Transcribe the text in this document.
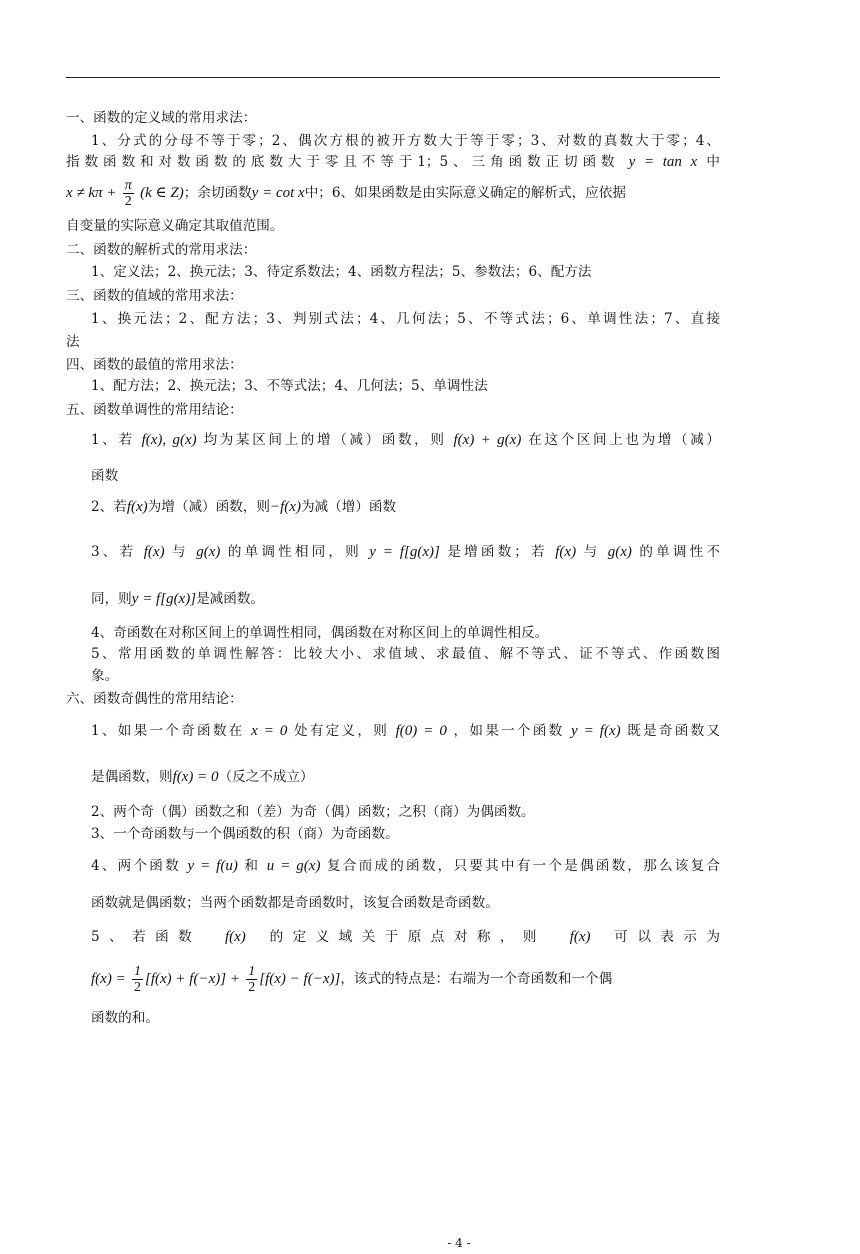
一、函数的定义域的常用求法：
1、分式的分母不等于零；2、偶次方根的被开方数大于等于零；3、对数的真数大于零；4、
指数函数和对数函数的底数大于零且不等于1；5、三角函数正切函数 y = tan x 中
$x \ne k\pi + \frac{\pi}{2} (k$ ∈ Z)；余切函数y = cot x中；6、如果函数是由实际意义确定的解析式，应依据
自变量的实际意义确定其取值范围。
二、函数的解析式的常用求法：
1、定义法；2、换元法；3、待定系数法；4、函数方程法；5、参数法；6、配方法
三、函数的值域的常用求法：
1、换元法；2、配方法；3、判别式法；4、几何法；5、不等式法；6、单调性法；7、直接
法
四、函数的最值的常用求法：
1、配方法；2、换元法；3、不等式法；4、几何法；5、单调性法
五、函数单调性的常用结论：
1、若 f(x), g(x) 均为某区间上的增（减）函数，则 f(x) + g(x) 在这个区间上也为增（减）
函数
2、若f(x)为增（减）函数，则−f(x)为减（增）函数
3、若 f(x) 与 g(x) 的单调性相同，则 y = f[g(x)] 是增函数；若 f(x) 与 g(x) 的单调性不
同，则y = f[g(x)]是减函数。
4、奇函数在对称区间上的单调性相同，偶函数在对称区间上的单调性相反。
5、常用函数的单调性解答：比较大小、求值域、求最值、解不等式、证不等式、作函数图
象。
六、函数奇偶性的常用结论：
1、如果一个奇函数在 x = 0 处有定义，则 f(0) = 0 ，如果一个函数 y = f(x) 既是奇函数又
是偶函数，则f(x) = 0（反之不成立）
2、两个奇（偶）函数之和（差）为奇（偶）函数；之积（商）为偶函数。
3、一个奇函数与一个偶函数的积（商）为奇函数。
4、两个函数 y = f(u) 和 u = g(x) 复合而成的函数，只要其中有一个是偶函数，那么该复合
函数就是偶函数；当两个函数都是奇函数时，该复合函数是奇函数。
5、若函数 f(x) 的定义域关于原点对称，则 f(x) 可以表示为
$f(x) = \frac{1}{2} [f(x) + f(-x)] + \frac{1}{2} [f(x) - f(-x)]$，该式的特点是：右端为一个奇函数和一个偶
函数的和。
- 4 -
